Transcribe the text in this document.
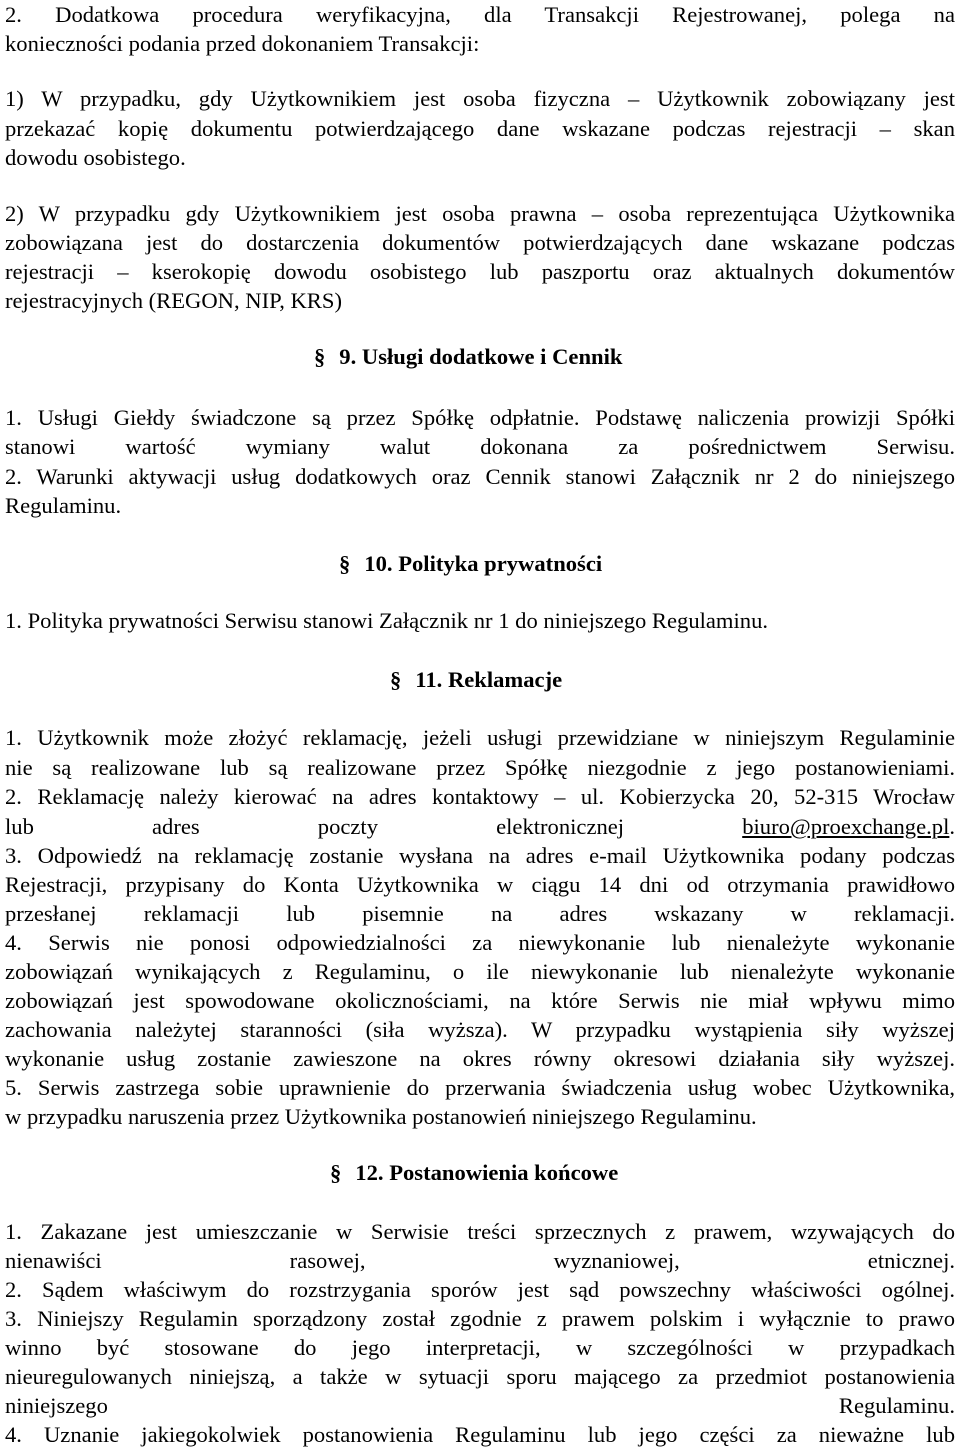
2. Dodatkowa procedura weryfikacyjna, dla Transakcji Rejestrowanej, polega na
konieczności podania przed dokonaniem Transakcji:
1) W przypadku, gdy Użytkownikiem jest osoba fizyczna – Użytkownik zobowiązany jest
przekazać kopię dokumentu potwierdzającego dane wskazane podczas rejestracji – skan
dowodu osobistego.
2) W przypadku gdy Użytkownikiem jest osoba prawna – osoba reprezentująca Użytkownika
zobowiązana jest do dostarczenia dokumentów potwierdzających dane wskazane podczas
rejestracji – kserokopię dowodu osobistego lub paszportu oraz aktualnych dokumentów
rejestracyjnych (REGON, NIP, KRS)
§ 9. Usługi dodatkowe i Cennik
1. Usługi Giełdy świadczone są przez Spółkę odpłatnie. Podstawę naliczenia prowizji Spółki
stanowi wartość wymiany walut dokonana za pośrednictwem Serwisu.
2. Warunki aktywacji usług dodatkowych oraz Cennik stanowi Załącznik nr 2 do niniejszego
Regulaminu.
§ 10. Polityka prywatności
1. Polityka prywatności Serwisu stanowi Załącznik nr 1 do niniejszego Regulaminu.
§ 11. Reklamacje
1. Użytkownik może złożyć reklamację, jeżeli usługi przewidziane w niniejszym Regulaminie
nie są realizowane lub są realizowane przez Spółkę niezgodnie z jego postanowieniami.
2. Reklamację należy kierować na adres kontaktowy – ul. Kobierzycka 20, 52-315 Wrocław
lub adres poczty elektronicznej biuro@proexchange.pl.
3. Odpowiedź na reklamację zostanie wysłana na adres e-mail Użytkownika podany podczas
Rejestracji, przypisany do Konta Użytkownika w ciągu 14 dni od otrzymania prawidłowo
przesłanej reklamacji lub pisemnie na adres wskazany w reklamacji.
4. Serwis nie ponosi odpowiedzialności za niewykonanie lub nienależyte wykonanie
zobowiązań wynikających z Regulaminu, o ile niewykonanie lub nienależyte wykonanie
zobowiązań jest spowodowane okolicznościami, na które Serwis nie miał wpływu mimo
zachowania należytej staranności (siła wyższa). W przypadku wystąpienia siły wyższej
wykonanie usług zostanie zawieszone na okres równy okresowi działania siły wyższej.
5. Serwis zastrzega sobie uprawnienie do przerwania świadczenia usług wobec Użytkownika,
w przypadku naruszenia przez Użytkownika postanowień niniejszego Regulaminu.
§ 12. Postanowienia końcowe
1. Zakazane jest umieszczanie w Serwisie treści sprzecznych z prawem, wzywających do
nienawiści rasowej, wyznaniowej, etnicznej.
2. Sądem właściwym do rozstrzygania sporów jest sąd powszechny właściwości ogólnej.
3. Niniejszy Regulamin sporządzony został zgodnie z prawem polskim i wyłącznie to prawo
winno być stosowane do jego interpretacji, w szczególności w przypadkach
nieuregulowanych niniejszą, a także w sytuacji sporu mającego za przedmiot postanowienia
niniejszego Regulaminu.
4. Uznanie jakiegokolwiek postanowienia Regulaminu lub jego części za nieważne lub
